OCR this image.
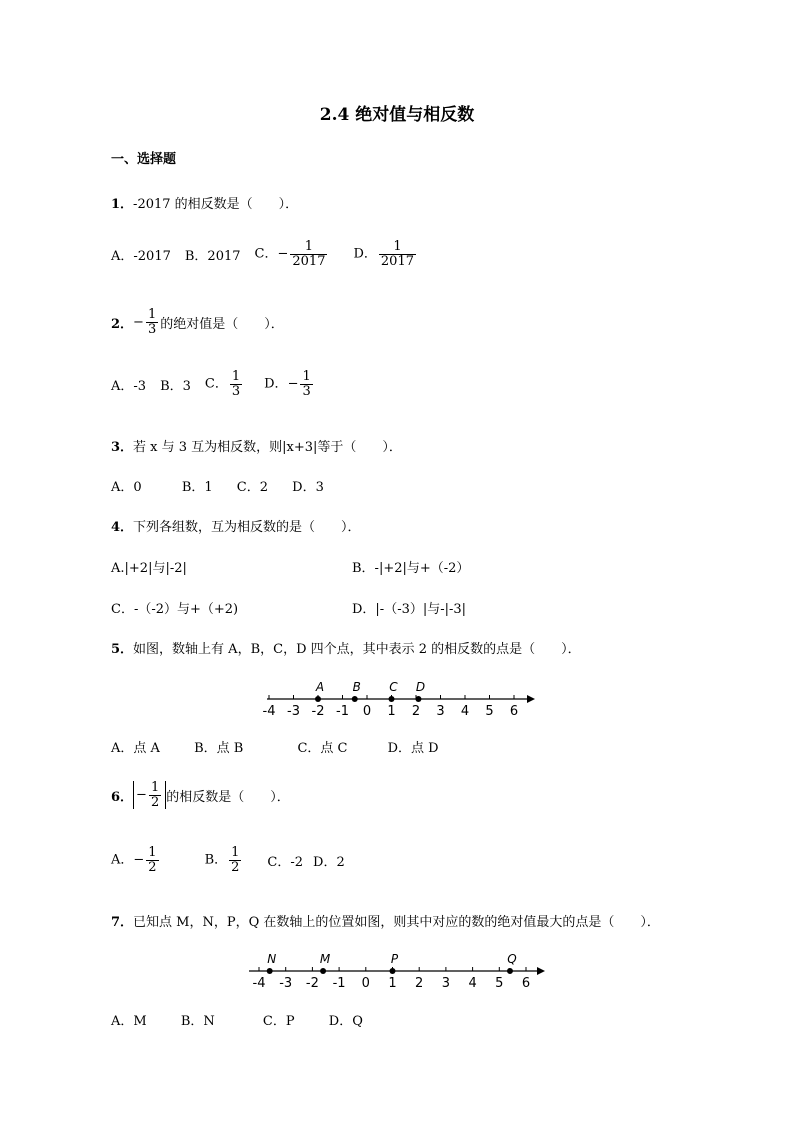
2.4 绝对值与相反数
一、选择题
1．-2017 的相反数是（　　）．
A．-2017 B．2017 C．− $\frac{1}{2017}$ D． $\frac{1}{2017}$
2． − $\frac{1}{3}$ 的绝对值是（　　）．
A．-3 B．3 C． $\frac{1}{3}$ D．− $\frac{1}{3}$
3．若 x 与 3 互为相反数，则|x+3|等于（　　）．
A．0	B．1 C．2 D．3
4．下列各组数，互为相反数的是（　　）．
A.|+2|与|-2|	B．-|+2|与+（-2）
C．-（-2）与+（+2)	D．|-（-3）|与-|-3|
5．如图，数轴上有 A，B，C，D 四个点，其中表示 2 的相反数的点是（　　）．
-4 -3 -2 -1 0 1 2 3 4 5 6
A B C D
A．点 A	B．点 B	C．点 C	D．点 D
6． − $\frac{1}{2}$ 的相反数是（　　）．
A．− $\frac{1}{2}$	B． $\frac{1}{2}$ C．-2 D．2
7．已知点 M，N，P，Q 在数轴上的位置如图，则其中对应的数的绝对值最大的点是（　　）．
-4 -3 -2 -1 0 1 2 3 4 5 6
N	M	P	Q
A．M	B．N	C．P	D．Q
